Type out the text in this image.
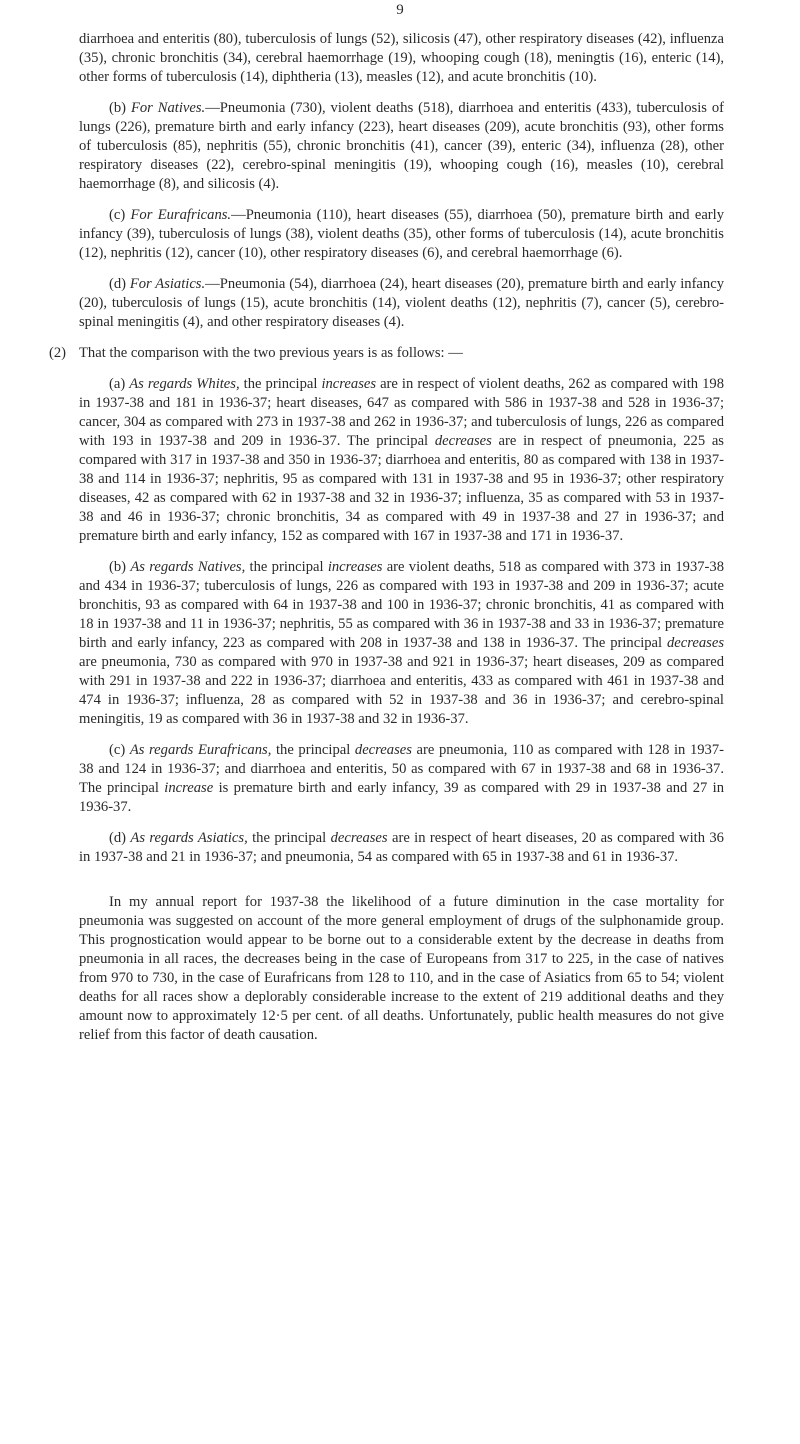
9

diarrhoea and enteritis (80), tuberculosis of lungs (52), silicosis (47), other respiratory diseases (42), influenza (35), chronic bronchitis (34), cerebral haemorrhage (19), whooping cough (18), meningtis (16), enteric (14), other forms of tuberculosis (14), diphtheria (13), measles (12), and acute bronchitis (10).

(b) For Natives.—Pneumonia (730), violent deaths (518), diarrhoea and enteritis (433), tuberculosis of lungs (226), premature birth and early infancy (223), heart diseases (209), acute bronchitis (93), other forms of tuberculosis (85), nephritis (55), chronic bronchitis (41), cancer (39), enteric (34), influenza (28), other respiratory diseases (22), cerebro-spinal meningitis (19), whooping cough (16), measles (10), cerebral haemorrhage (8), and silicosis (4).

(c) For Eurafricans.—Pneumonia (110), heart diseases (55), diarrhoea (50), premature birth and early infancy (39), tuberculosis of lungs (38), violent deaths (35), other forms of tuberculosis (14), acute bronchitis (12), nephritis (12), cancer (10), other respiratory diseases (6), and cerebral haemorrhage (6).

(d) For Asiatics.—Pneumonia (54), diarrhoea (24), heart diseases (20), premature birth and early infancy (20), tuberculosis of lungs (15), acute bronchitis (14), violent deaths (12), nephritis (7), cancer (5), cerebro-spinal meningitis (4), and other respiratory diseases (4).

(2) That the comparison with the two previous years is as follows: —

(a) As regards Whites, the principal increases are in respect of violent deaths, 262 as compared with 198 in 1937-38 and 181 in 1936-37; heart diseases, 647 as compared with 586 in 1937-38 and 528 in 1936-37; cancer, 304 as compared with 273 in 1937-38 and 262 in 1936-37; and tuberculosis of lungs, 226 as compared with 193 in 1937-38 and 209 in 1936-37. The principal decreases are in respect of pneumonia, 225 as compared with 317 in 1937-38 and 350 in 1936-37; diarrhoea and enteritis, 80 as compared with 138 in 1937-38 and 114 in 1936-37; nephritis, 95 as compared with 131 in 1937-38 and 95 in 1936-37; other respiratory diseases, 42 as compared with 62 in 1937-38 and 32 in 1936-37; influenza, 35 as compared with 53 in 1937-38 and 46 in 1936-37; chronic bronchitis, 34 as compared with 49 in 1937-38 and 27 in 1936-37; and premature birth and early infancy, 152 as compared with 167 in 1937-38 and 171 in 1936-37.

(b) As regards Natives, the principal increases are violent deaths, 518 as compared with 373 in 1937-38 and 434 in 1936-37; tuberculosis of lungs, 226 as compared with 193 in 1937-38 and 209 in 1936-37; acute bronchitis, 93 as compared with 64 in 1937-38 and 100 in 1936-37; chronic bronchitis, 41 as compared with 18 in 1937-38 and 11 in 1936-37; nephritis, 55 as compared with 36 in 1937-38 and 33 in 1936-37; premature birth and early infancy, 223 as compared with 208 in 1937-38 and 138 in 1936-37. The principal decreases are pneumonia, 730 as compared with 970 in 1937-38 and 921 in 1936-37; heart diseases, 209 as compared with 291 in 1937-38 and 222 in 1936-37; diarrhoea and enteritis, 433 as compared with 461 in 1937-38 and 474 in 1936-37; influenza, 28 as compared with 52 in 1937-38 and 36 in 1936-37; and cerebro-spinal meningitis, 19 as compared with 36 in 1937-38 and 32 in 1936-37.

(c) As regards Eurafricans, the principal decreases are pneumonia, 110 as compared with 128 in 1937-38 and 124 in 1936-37; and diarrhoea and enteritis, 50 as compared with 67 in 1937-38 and 68 in 1936-37. The principal increase is premature birth and early infancy, 39 as compared with 29 in 1937-38 and 27 in 1936-37.

(d) As regards Asiatics, the principal decreases are in respect of heart diseases, 20 as compared with 36 in 1937-38 and 21 in 1936-37; and pneumonia, 54 as compared with 65 in 1937-38 and 61 in 1936-37.

In my annual report for 1937-38 the likelihood of a future diminution in the case mortality for pneumonia was suggested on account of the more general employment of drugs of the sulphonamide group. This prognostication would appear to be borne out to a considerable extent by the decrease in deaths from pneumonia in all races, the decreases being in the case of Europeans from 317 to 225, in the case of natives from 970 to 730, in the case of Eurafricans from 128 to 110, and in the case of Asiatics from 65 to 54; violent deaths for all races show a deplorably considerable increase to the extent of 219 additional deaths and they amount now to approximately 12·5 per cent. of all deaths. Unfortunately, public health measures do not give relief from this factor of death causation.
